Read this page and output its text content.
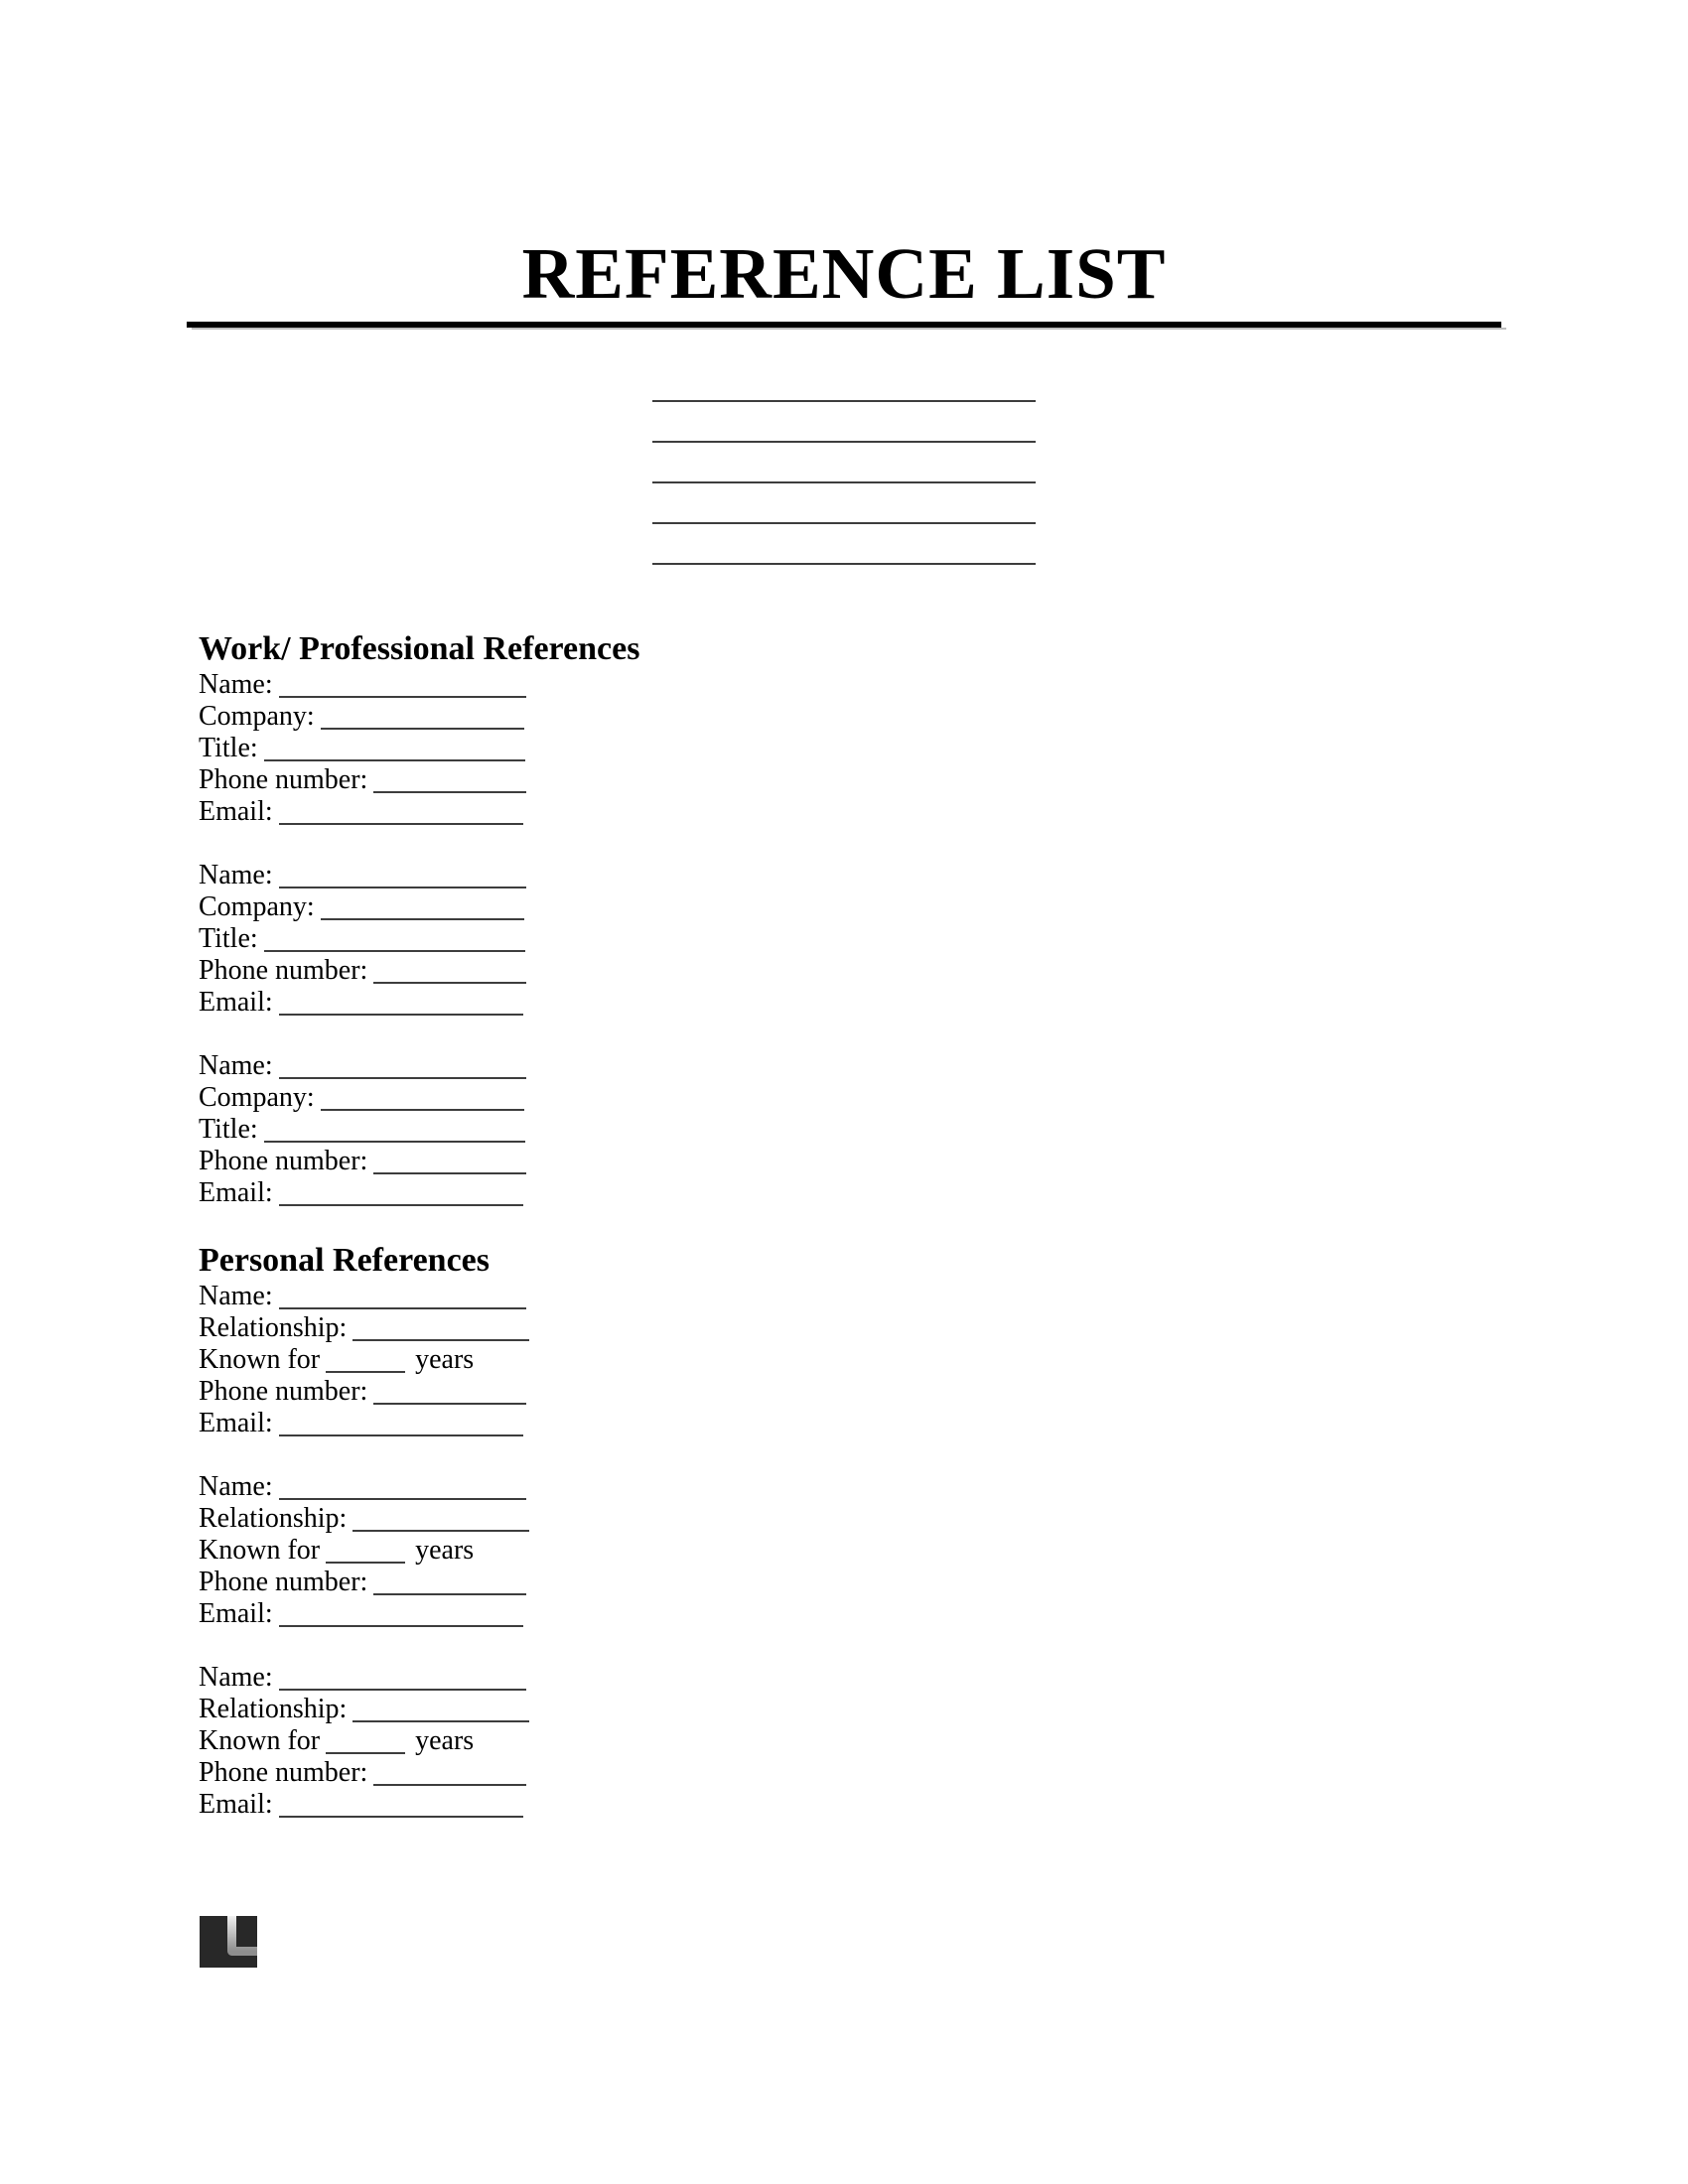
REFERENCE LIST
Work/ Professional References
Name:
Company:
Title:
Phone number:
Email:
Name:
Company:
Title:
Phone number:
Email:
Name:
Company:
Title:
Phone number:
Email:
Personal References
Name:
Relationship:
Known for	years
Phone number:
Email:
Name:
Relationship:
Known for	years
Phone number:
Email:
Name:
Relationship:
Known for	years
Phone number:
Email:
